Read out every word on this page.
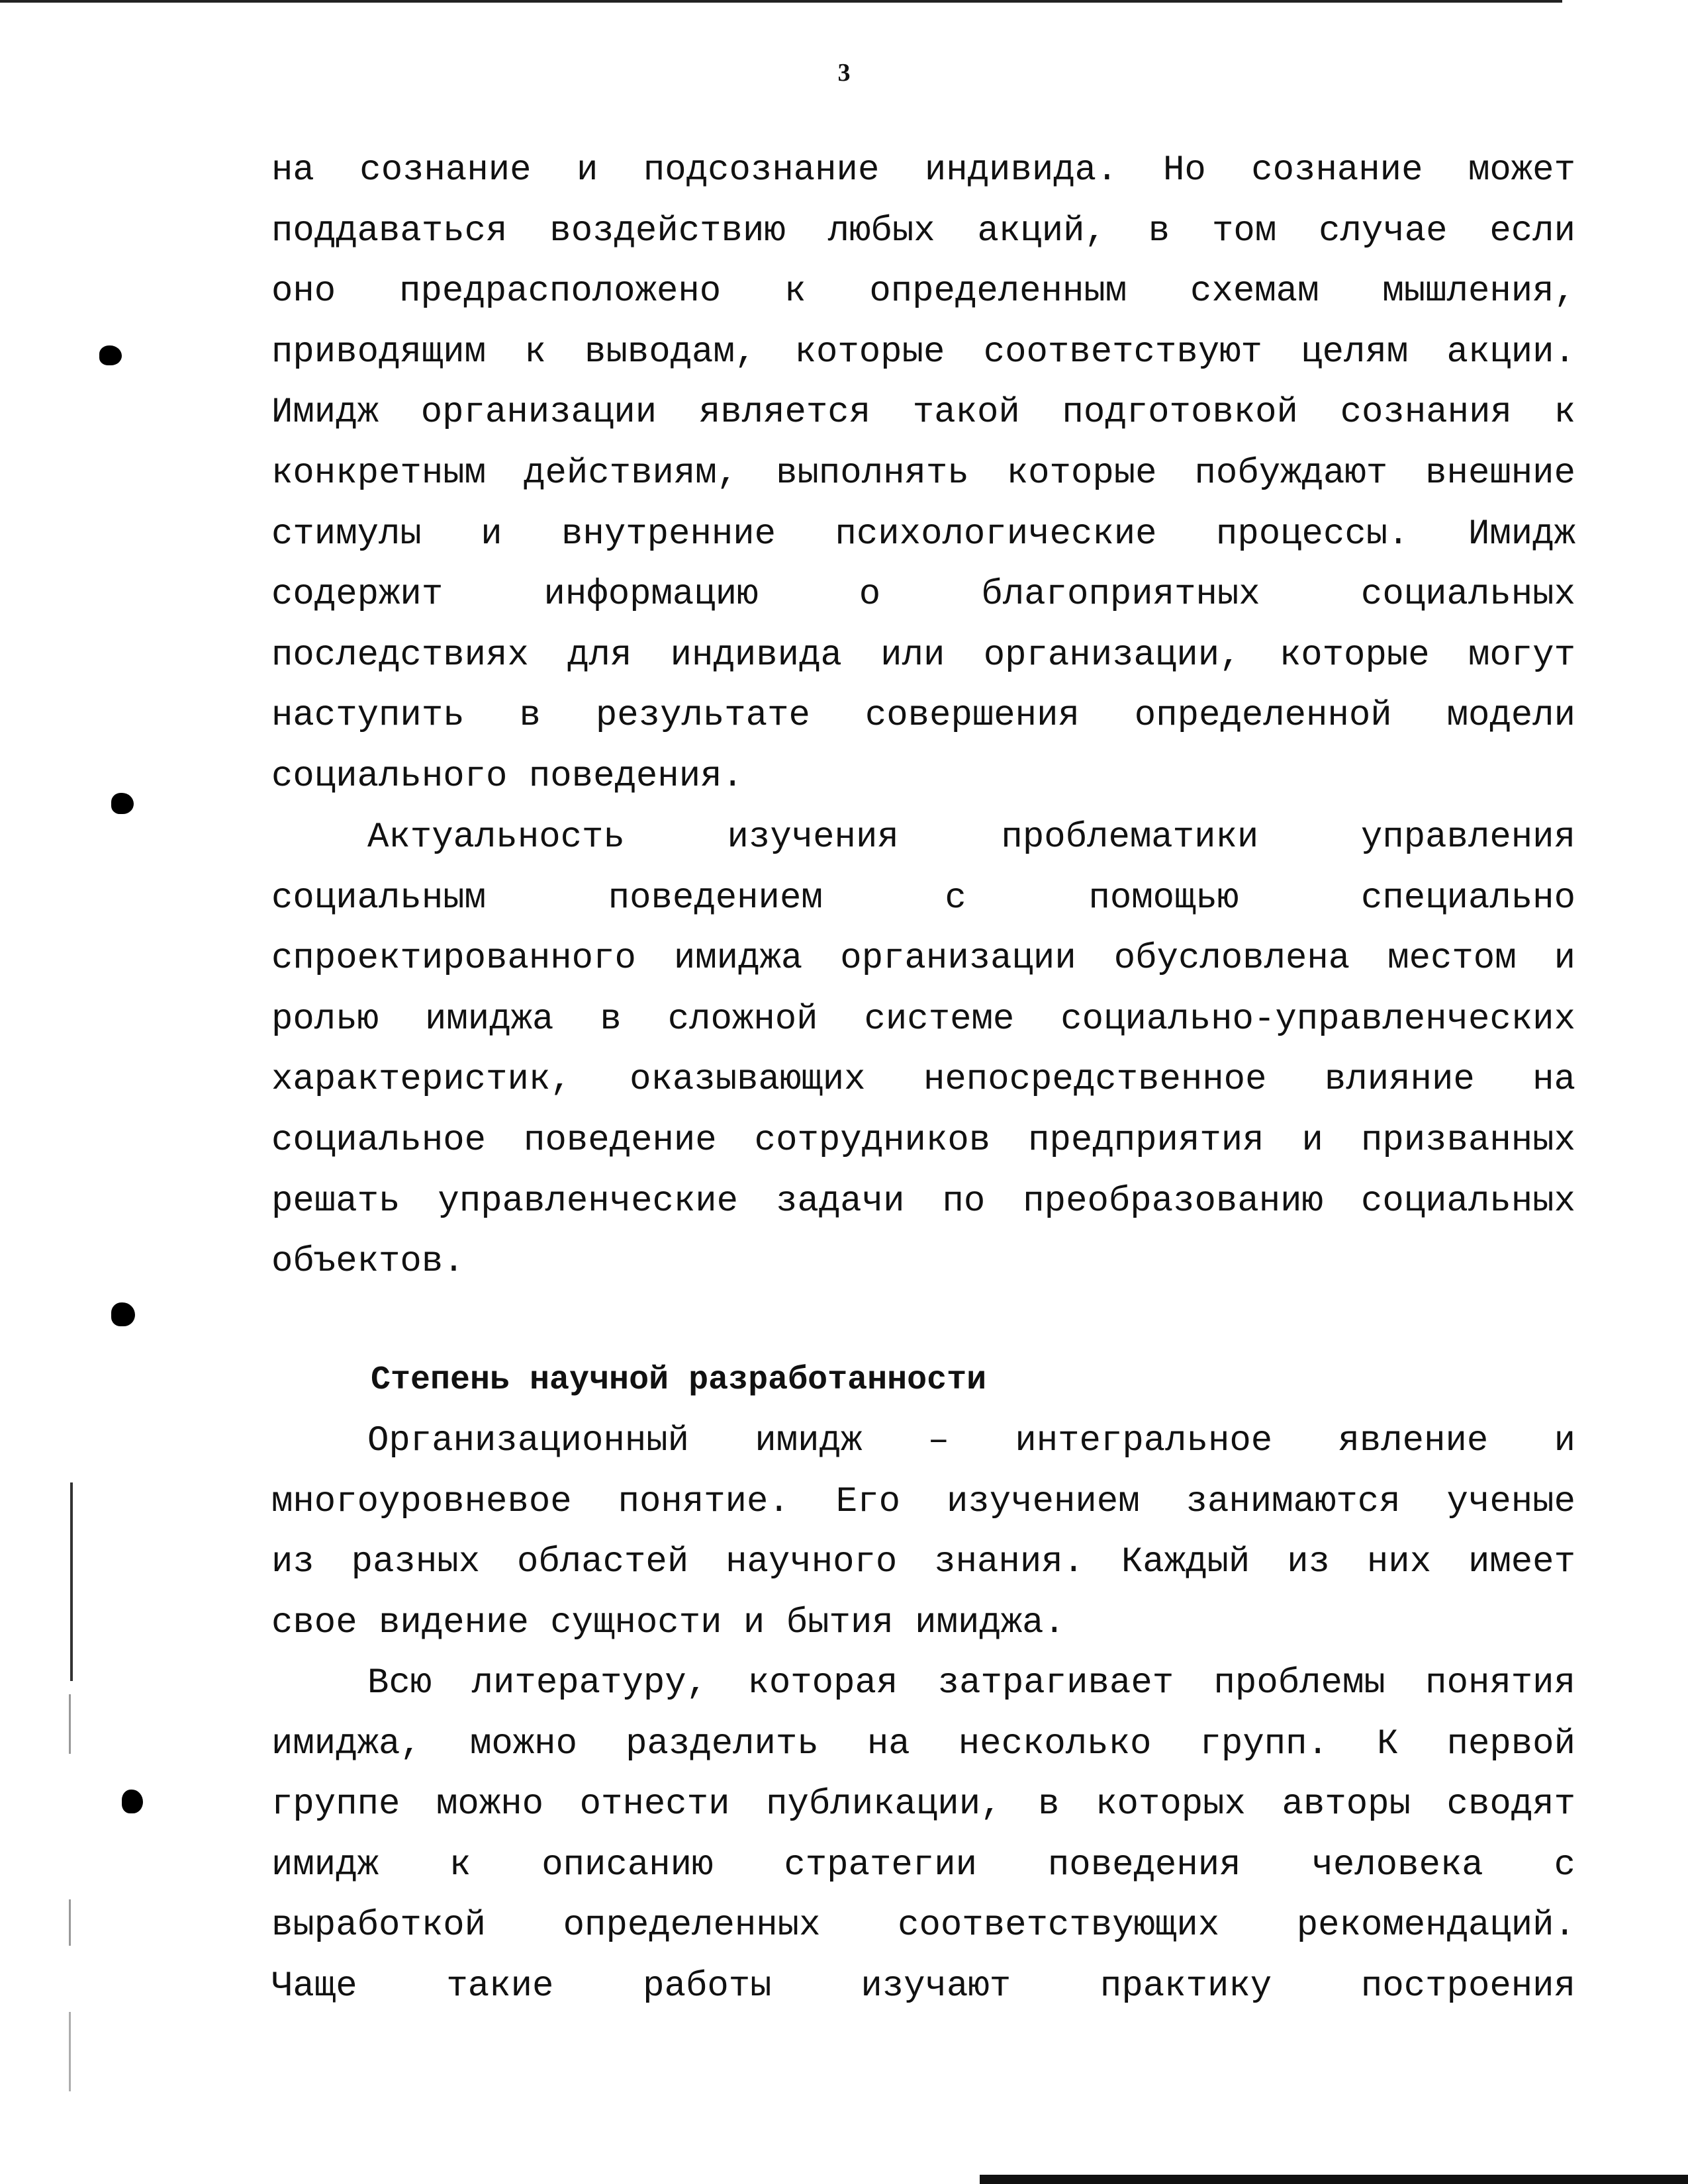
3
на сознание и подсознание индивида. Но сознание может
поддаваться воздействию любых акций, в том случае если
оно предрасположено к определенным схемам мышления,
приводящим к выводам, которые соответствуют целям акции.
Имидж организации является такой подготовкой сознания к
конкретным действиям, выполнять которые побуждают внешние
стимулы и внутренние психологические процессы. Имидж
содержит информацию о благоприятных социальных
последствиях для индивида или организации, которые могут
наступить в результате совершения определенной модели
социального поведения.
Актуальность изучения проблематики управления
социальным поведением с помощью специально
спроектированного имиджа организации обусловлена местом и
ролью имиджа в сложной системе социально-управленческих
характеристик, оказывающих непосредственное влияние на
социальное поведение сотрудников предприятия и призванных
решать управленческие задачи по преобразованию социальных
объектов.
Степень научной разработанности
Организационный имидж – интегральное явление и
многоуровневое понятие. Его изучением занимаются ученые
из разных областей научного знания. Каждый из них имеет
свое видение сущности и бытия имиджа.
Всю литературу, которая затрагивает проблемы понятия
имиджа, можно разделить на несколько групп. К первой
группе можно отнести публикации, в которых авторы сводят
имидж к описанию стратегии поведения человека с
выработкой определенных соответствующих рекомендаций.
Чаще такие работы изучают практику построения
